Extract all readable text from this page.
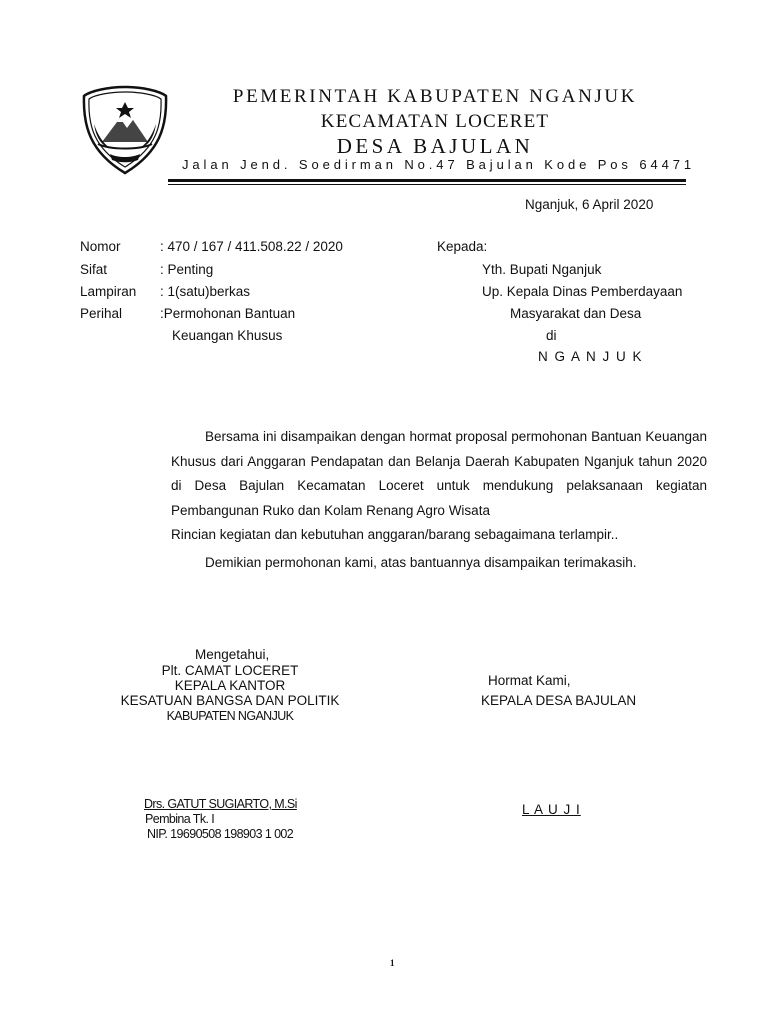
PEMERINTAH KABUPATEN NGANJUK
KECAMATAN LOCERET
DESA BAJULAN
Jalan Jend. Soedirman No.47 Bajulan Kode Pos 64471
Nganjuk, 6 April 2020
Nomor	: 470 / 167 / 411.508.22 / 2020
Sifat	: Penting
Lampiran : 1(satu)berkas
Perihal	:Permohonan Bantuan
Keuangan Khusus
Kepada:
Yth. Bupati Nganjuk
Up. Kepala Dinas Pemberdayaan
Masyarakat dan Desa
di
N G A N J U K
Bersama ini disampaikan dengan hormat proposal permohonan Bantuan Keuangan Khusus dari Anggaran Pendapatan dan Belanja Daerah Kabupaten Nganjuk tahun 2020 di Desa Bajulan Kecamatan Loceret untuk mendukung pelaksanaan kegiatan Pembangunan Ruko dan Kolam Renang Agro Wisata
Rincian kegiatan dan kebutuhan anggaran/barang sebagaimana terlampir..
Demikian permohonan kami, atas bantuannya disampaikan terimakasih.
Mengetahui,
Plt. CAMAT LOCERET
KEPALA KANTOR
KESATUAN BANGSA DAN POLITIK
KABUPATEN NGANJUK
Drs. GATUT SUGIARTO, M.Si
Pembina Tk. I
NIP. 19690508 198903 1 002
Hormat Kami,
KEPALA DESA BAJULAN
L A U J I
1
